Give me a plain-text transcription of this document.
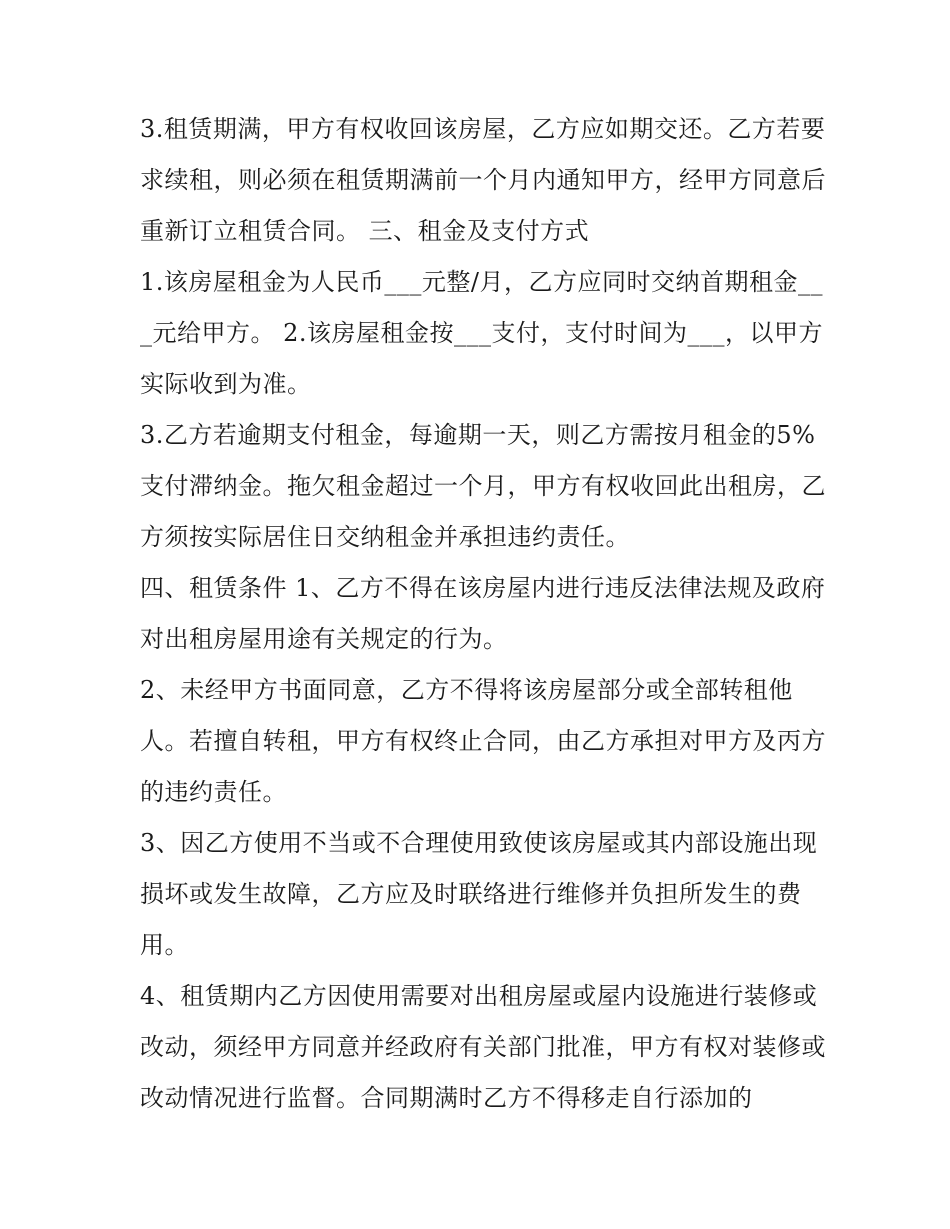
3.租赁期满，甲方有权收回该房屋，乙方应如期交还。乙方若要求续租，则必须在租赁期满前一个月内通知甲方，经甲方同意后重新订立租赁合同。 三、租金及支付方式

1.该房屋租金为人民币___元整/月，乙方应同时交纳首期租金___元给甲方。 2.该房屋租金按___支付，支付时间为___，以甲方实际收到为准。

3.乙方若逾期支付租金，每逾期一天，则乙方需按月租金的5%支付滞纳金。拖欠租金超过一个月，甲方有权收回此出租房，乙方须按实际居住日交纳租金并承担违约责任。

四、租赁条件 1、乙方不得在该房屋内进行违反法律法规及政府对出租房屋用途有关规定的行为。

2、未经甲方书面同意，乙方不得将该房屋部分或全部转租他人。若擅自转租，甲方有权终止合同，由乙方承担对甲方及丙方的违约责任。

3、因乙方使用不当或不合理使用致使该房屋或其内部设施出现损坏或发生故障，乙方应及时联络进行维修并负担所发生的费用。

4、租赁期内乙方因使用需要对出租房屋或屋内设施进行装修或改动，须经甲方同意并经政府有关部门批准，甲方有权对装修或改动情况进行监督。合同期满时乙方不得移走自行添加的
